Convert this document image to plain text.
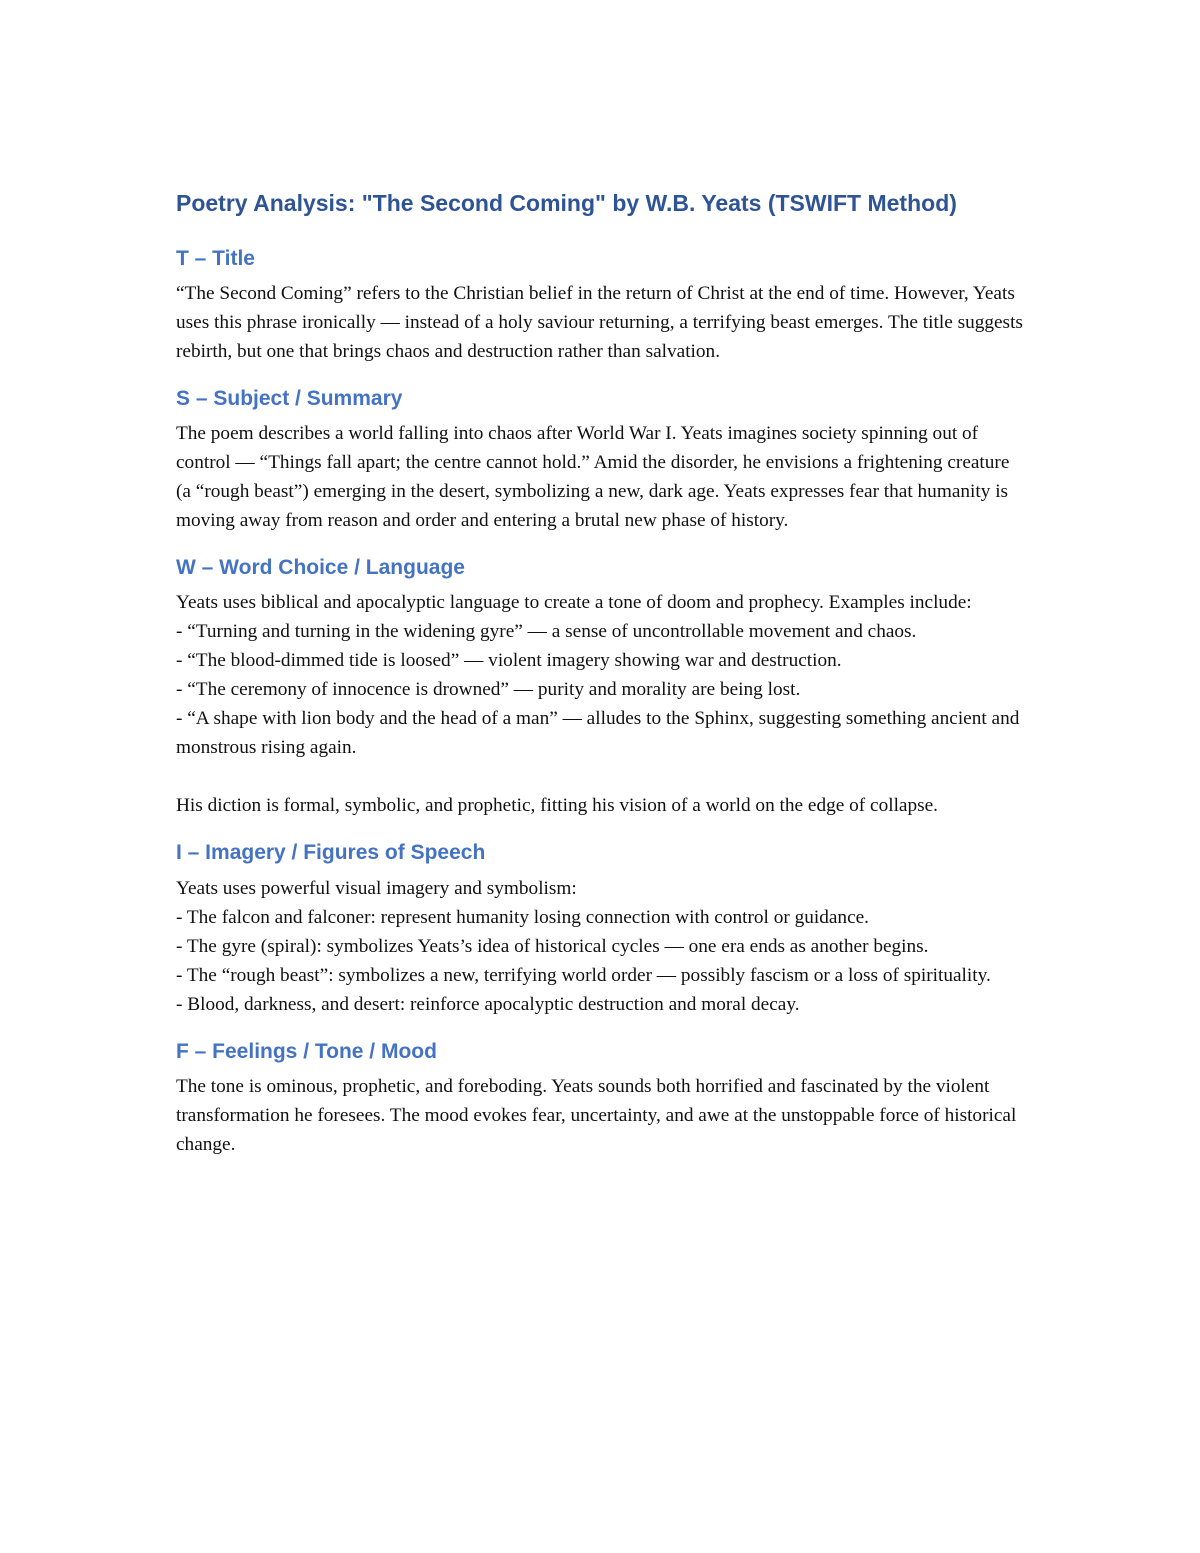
Poetry Analysis: "The Second Coming" by W.B. Yeats (TSWIFT Method)
T – Title

“The Second Coming” refers to the Christian belief in the return of Christ at the end of time. However, Yeats uses this phrase ironically — instead of a holy saviour returning, a terrifying beast emerges. The title suggests rebirth, but one that brings chaos and destruction rather than salvation.

S – Subject / Summary

The poem describes a world falling into chaos after World War I. Yeats imagines society spinning out of control — “Things fall apart; the centre cannot hold.” Amid the disorder, he envisions a frightening creature (a “rough beast”) emerging in the desert, symbolizing a new, dark age. Yeats expresses fear that humanity is moving away from reason and order and entering a brutal new phase of history.

W – Word Choice / Language

Yeats uses biblical and apocalyptic language to create a tone of doom and prophecy. Examples include:
- “Turning and turning in the widening gyre” — a sense of uncontrollable movement and chaos.
- “The blood-dimmed tide is loosed” — violent imagery showing war and destruction.
- “The ceremony of innocence is drowned” — purity and morality are being lost.
- “A shape with lion body and the head of a man” — alludes to the Sphinx, suggesting something ancient and monstrous rising again.

His diction is formal, symbolic, and prophetic, fitting his vision of a world on the edge of collapse.

I – Imagery / Figures of Speech

Yeats uses powerful visual imagery and symbolism:
- The falcon and falconer: represent humanity losing connection with control or guidance.
- The gyre (spiral): symbolizes Yeats’s idea of historical cycles — one era ends as another begins.
- The “rough beast”: symbolizes a new, terrifying world order — possibly fascism or a loss of spirituality.
- Blood, darkness, and desert: reinforce apocalyptic destruction and moral decay.

F – Feelings / Tone / Mood

The tone is ominous, prophetic, and foreboding. Yeats sounds both horrified and fascinated by the violent transformation he foresees. The mood evokes fear, uncertainty, and awe at the unstoppable force of historical change.
